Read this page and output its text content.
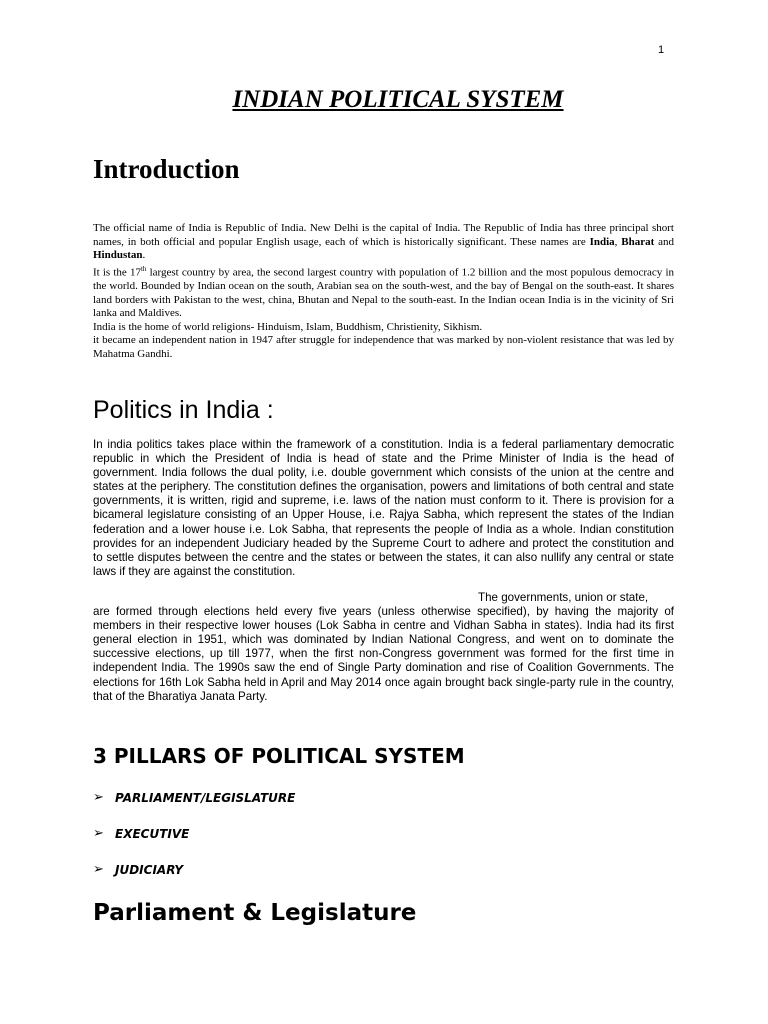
1
INDIAN POLITICAL SYSTEM
Introduction

The official name of India is Republic of India. New Delhi is the capital of India. The Republic of India has three principal short names, in both official and popular English usage, each of which is historically significant. These names are India, Bharat and Hindustan.

It is the 17th largest country by area, the second largest country with population of 1.2 billion and the most populous democracy in the world. Bounded by Indian ocean on the south, Arabian sea on the south-west, and the bay of Bengal on the south-east. It shares land borders with Pakistan to the west, china, Bhutan and Nepal to the south-east. In the Indian ocean India is in the vicinity of Sri lanka and Maldives.

India is the home of world religions- Hinduism, Islam, Buddhism, Christienity, Sikhism.

it became an independent nation in 1947 after struggle for independence that was marked by non-violent resistance that was led by Mahatma Gandhi.

Politics in India :

In india politics takes place within the framework of a constitution. India is a federal parliamentary democratic republic in which the President of India is head of state and the Prime Minister of India is the head of government. India follows the dual polity, i.e. double government which consists of the union at the centre and states at the periphery. The constitution defines the organisation, powers and limitations of both central and state governments, it is written, rigid and supreme, i.e. laws of the nation must conform to it. There is provision for a bicameral legislature consisting of an Upper House, i.e. Rajya Sabha, which represent the states of the Indian federation and a lower house i.e. Lok Sabha, that represents the people of India as a whole. Indian constitution provides for an independent Judiciary headed by the Supreme Court to adhere and protect the constitution and to settle disputes between the centre and the states or between the states, it can also nullify any central or state laws if they are against the constitution.

The governments, union or state,
are formed through elections held every five years (unless otherwise specified), by having the majority of members in their respective lower houses (Lok Sabha in centre and Vidhan Sabha in states). India had its first general election in 1951, which was dominated by Indian National Congress, and went on to dominate the successive elections, up till 1977, when the first non-Congress government was formed for the first time in independent India. The 1990s saw the end of Single Party domination and rise of Coalition Governments. The elections for 16th Lok Sabha held in April and May 2014 once again brought back single-party rule in the country, that of the Bharatiya Janata Party.

3 PILLARS OF POLITICAL SYSTEM
➢ PARLIAMENT/LEGISLATURE
➢ EXECUTIVE
➢ JUDICIARY
Parliament & Legislature
